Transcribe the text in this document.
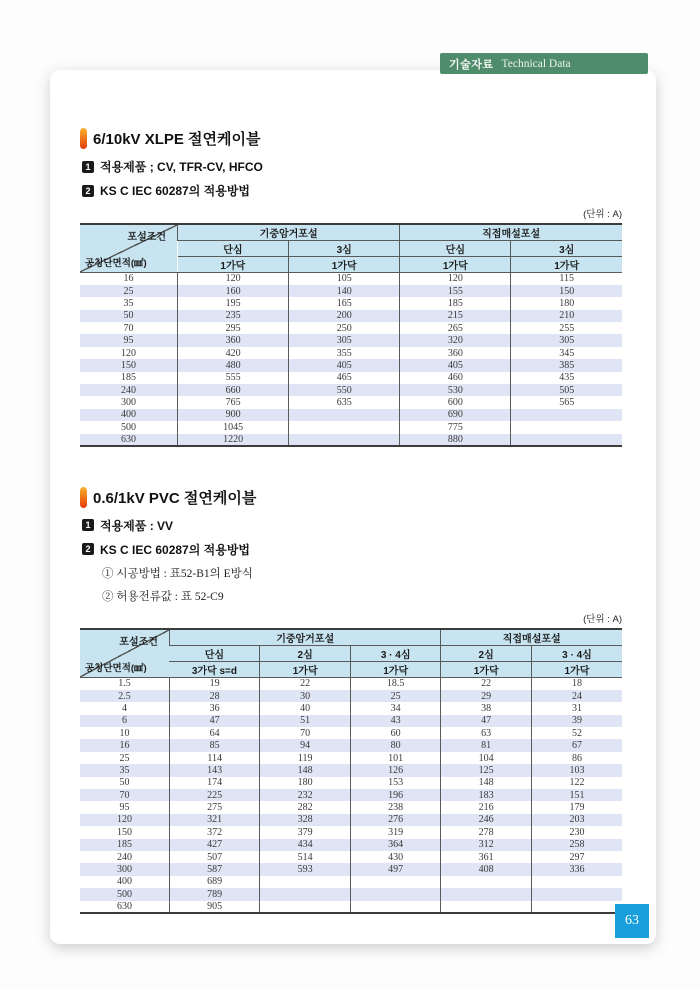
기술자료 Technical Data
6/10kV XLPE 절연케이블
1 적용제품 ; CV, TFR-CV, HFCO
2 KS C IEC 60287의 적용방법
(단위 : A)
포설조건
공칭단면적(㎟)	기중암거포설		직접매설포설	
	단심	3심	단심	3심
	1가닥	1가닥	1가닥	1가닥
16	120	105	120	115
25	160	140	155	150
35	195	165	185	180
50	235	200	215	210
70	295	250	265	255
95	360	305	320	305
120	420	355	360	345
150	480	405	405	385
185	555	465	460	435
240	660	550	530	505
300	765	635	600	565
400	900		690	
500	1045		775	
630	1220		880	
0.6/1kV PVC 절연케이블
1 적용제품 : VV
2 KS C IEC 60287의 적용방법
① 시공방법 : 표52-B1의 E방식
② 허용전류값 : 표 52-C9
(단위 : A)
포설조건
공칭단면적(㎟)	기중암거포설			직접매설포설	
	단심	2심	3 · 4심	2심	3 · 4심
	3가닥 s=d	1가닥	1가닥	1가닥	1가닥
1.5	19	22	18.5	22	18
2.5	28	30	25	29	24
4	36	40	34	38	31
6	47	51	43	47	39
10	64	70	60	63	52
16	85	94	80	81	67
25	114	119	101	104	86
35	143	148	126	125	103
50	174	180	153	148	122
70	225	232	196	183	151
95	275	282	238	216	179
120	321	328	276	246	203
150	372	379	319	278	230
185	427	434	364	312	258
240	507	514	430	361	297
300	587	593	497	408	336
400	689				
500	789				
630	905				
63
